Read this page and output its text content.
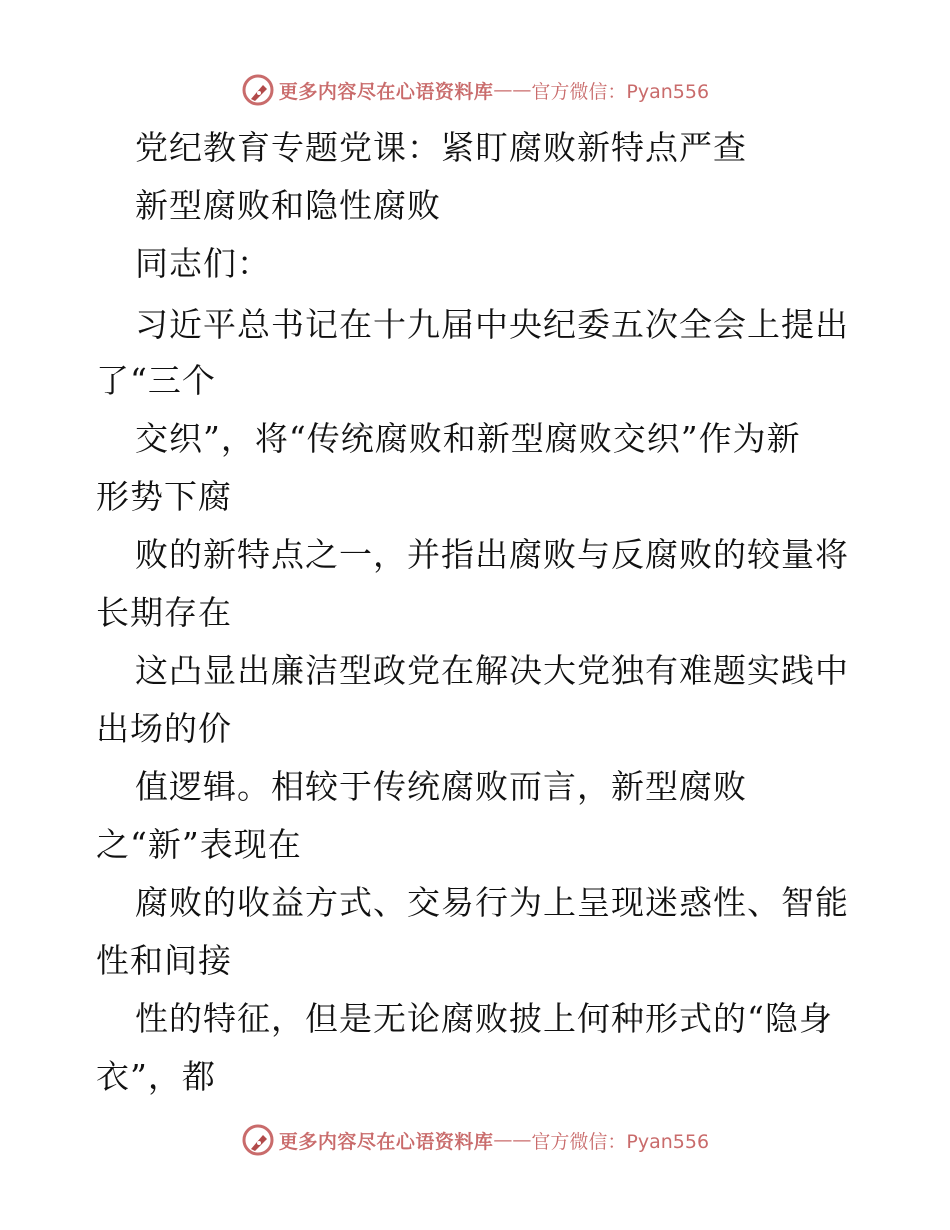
更多内容尽在心语资料库 —— 官方微信：Pyan556
党纪教育专题党课：紧盯腐败新特点严查
新型腐败和隐性腐败
同志们：
习近平总书记在十九届中央纪委五次全会上提出
了“三个
交织”，将“传统腐败和新型腐败交织”作为新
形势下腐
败的新特点之一，并指出腐败与反腐败的较量将
长期存在
这凸显出廉洁型政党在解决大党独有难题实践中
出场的价
值逻辑。相较于传统腐败而言，新型腐败
之“新”表现在
腐败的收益方式、交易行为上呈现迷惑性、智能
性和间接
性的特征，但是无论腐败披上何种形式的“隐身
衣”，都
更多内容尽在心语资料库 —— 官方微信：Pyan556
